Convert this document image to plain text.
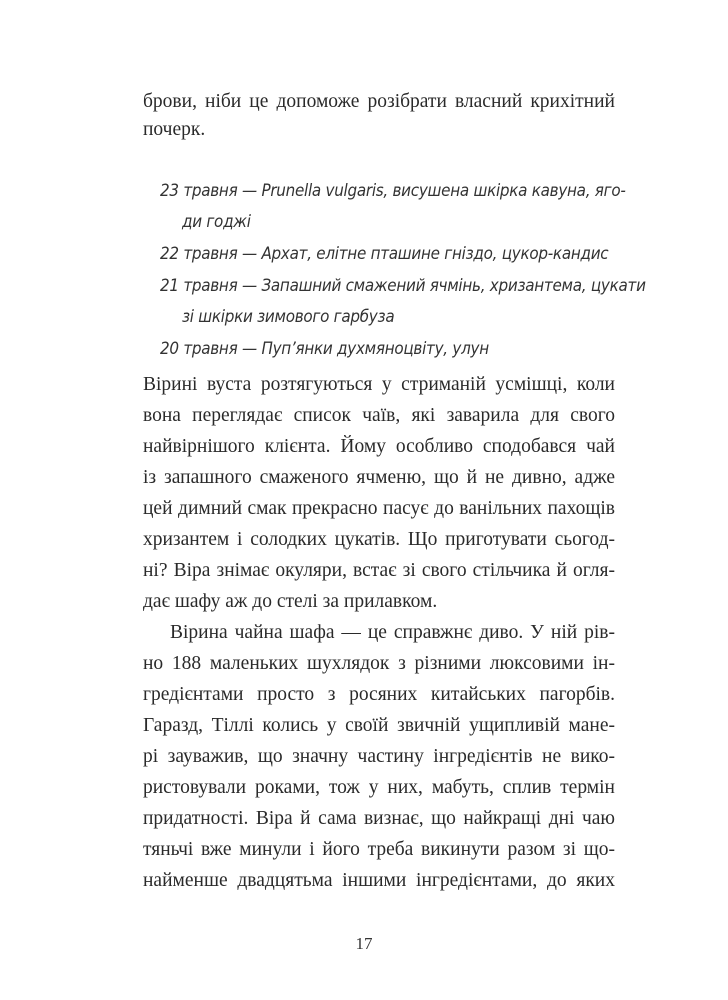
брови, ніби це допоможе розібрати власний крихітний
почерк.
23 травня — Prunella vulgaris, висушена шкірка кавуна, яго-
ди годжі
22 травня — Архат, елітне пташине гніздо, цукор-кандис
21 травня — Запашний смажений ячмінь, хризантема, цукати
зі шкірки зимового гарбуза
20 травня — Пуп’янки духмяноцвіту, улун
Вірині вуста розтягуються у стриманій усмішці, коли
вона переглядає список чаїв, які заварила для свого
найвірнішого клієнта. Йому особливо сподобався чай
із запашного смаженого ячменю, що й не дивно, адже
цей димний смак прекрасно пасує до ванільних пахощів
хризантем і солодких цукатів. Що приготувати сьогод-
ні? Віра знімає окуляри, встає зі свого стільчика й огля-
дає шафу аж до стелі за прилавком.
Вірина чайна шафа — це справжнє диво. У ній рів-
но 188 маленьких шухлядок з різними люксовими ін-
гредієнтами просто з росяних китайських пагорбів.
Гаразд, Тіллі колись у своїй звичній ущипливій мане-
рі зауважив, що значну частину інгредієнтів не вико-
ристовували роками, тож у них, мабуть, сплив термін
придатності. Віра й сама визнає, що найкращі дні чаю
тяньчі вже минули і його треба викинути разом зі що-
найменше двадцятьма іншими інгредієнтами, до яких
17
